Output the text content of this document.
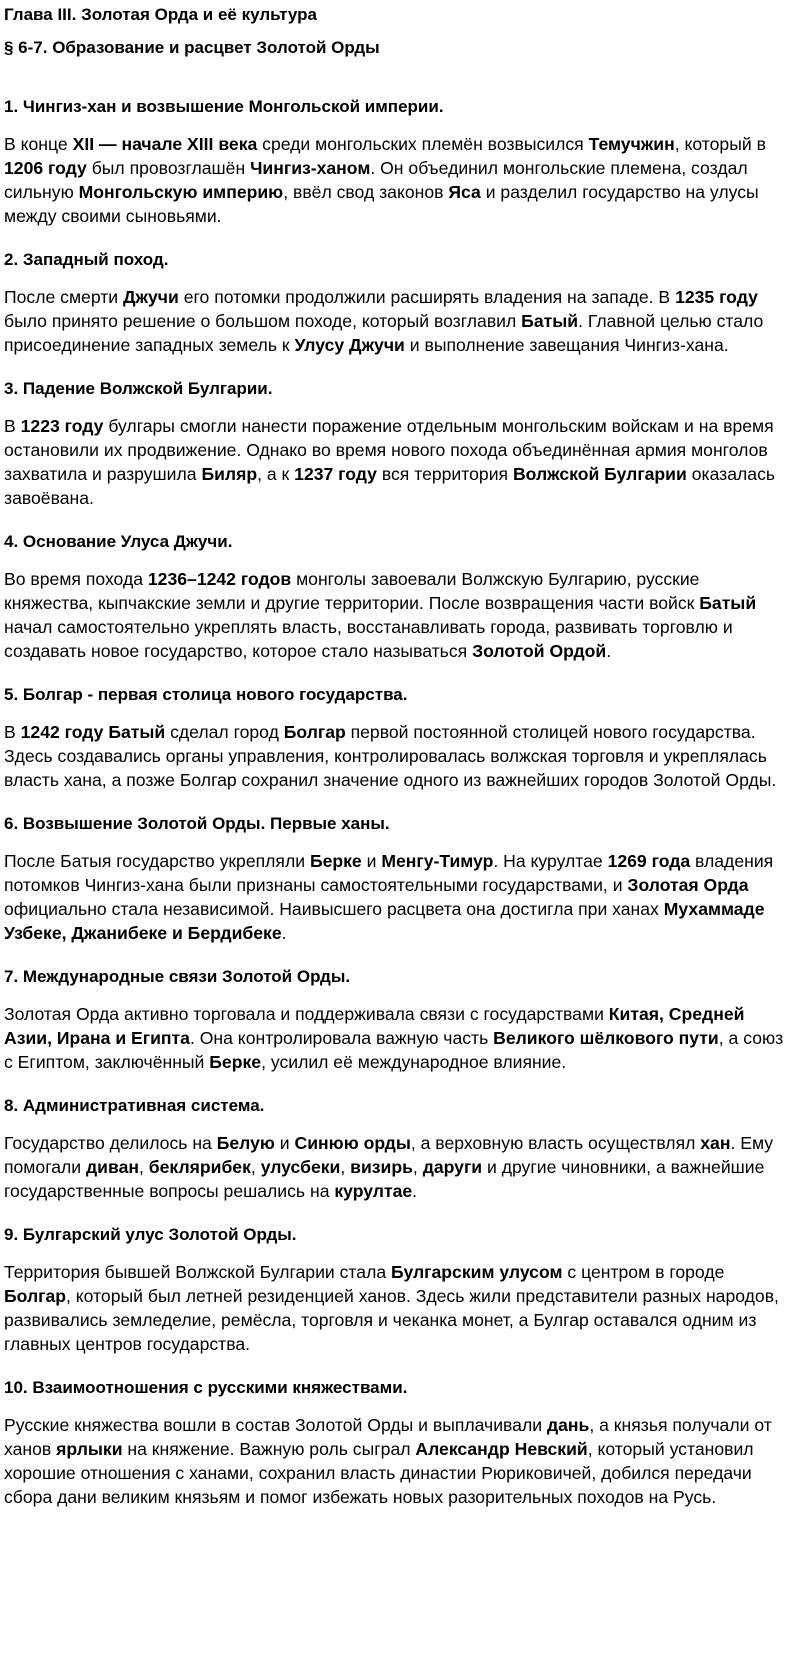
Глава III. Золотая Орда и её культура
§ 6-7. Образование и расцвет Золотой Орды
1. Чингиз-хан и возвышение Монгольской империи.
В конце XII — начале XIII века среди монгольских племён возвысился Темучжин, который в 1206 году был провозглашён Чингиз-ханом. Он объединил монгольские племена, создал сильную Монгольскую империю, ввёл свод законов Яса и разделил государство на улусы между своими сыновьями.
2. Западный поход.
После смерти Джучи его потомки продолжили расширять владения на западе. В 1235 году было принято решение о большом походе, который возглавил Батый. Главной целью стало присоединение западных земель к Улусу Джучи и выполнение завещания Чингиз-хана.
3. Падение Волжской Булгарии.
В 1223 году булгары смогли нанести поражение отдельным монгольским войскам и на время остановили их продвижение. Однако во время нового похода объединённая армия монголов захватила и разрушила Биляр, а к 1237 году вся территория Волжской Булгарии оказалась завоёвана.
4. Основание Улуса Джучи.
Во время похода 1236–1242 годов монголы завоевали Волжскую Булгарию, русские княжества, кыпчакские земли и другие территории. После возвращения части войск Батый начал самостоятельно укреплять власть, восстанавливать города, развивать торговлю и создавать новое государство, которое стало называться Золотой Ордой.
5. Болгар - первая столица нового государства.
В 1242 году Батый сделал город Болгар первой постоянной столицей нового государства. Здесь создавались органы управления, контролировалась волжская торговля и укреплялась власть хана, а позже Болгар сохранил значение одного из важнейших городов Золотой Орды.
6. Возвышение Золотой Орды. Первые ханы.
После Батыя государство укрепляли Берке и Менгу-Тимур. На курултае 1269 года владения потомков Чингиз-хана были признаны самостоятельными государствами, и Золотая Орда официально стала независимой. Наивысшего расцвета она достигла при ханах Мухаммаде Узбеке, Джанибеке и Бердибеке.
7. Международные связи Золотой Орды.
Золотая Орда активно торговала и поддерживала связи с государствами Китая, Средней Азии, Ирана и Египта. Она контролировала важную часть Великого шёлкового пути, а союз с Египтом, заключённый Берке, усилил её международное влияние.
8. Административная система.
Государство делилось на Белую и Синюю орды, а верховную власть осуществлял хан. Ему помогали диван, беклярибек, улусбеки, визирь, даруги и другие чиновники, а важнейшие государственные вопросы решались на курултае.
9. Булгарский улус Золотой Орды.
Территория бывшей Волжской Булгарии стала Булгарским улусом с центром в городе Болгар, который был летней резиденцией ханов. Здесь жили представители разных народов, развивались земледелие, ремёсла, торговля и чеканка монет, а Булгар оставался одним из главных центров государства.
10. Взаимоотношения с русскими княжествами.
Русские княжества вошли в состав Золотой Орды и выплачивали дань, а князья получали от ханов ярлыки на княжение. Важную роль сыграл Александр Невский, который установил хорошие отношения с ханами, сохранил власть династии Рюриковичей, добился передачи сбора дани великим князьям и помог избежать новых разорительных походов на Русь.
